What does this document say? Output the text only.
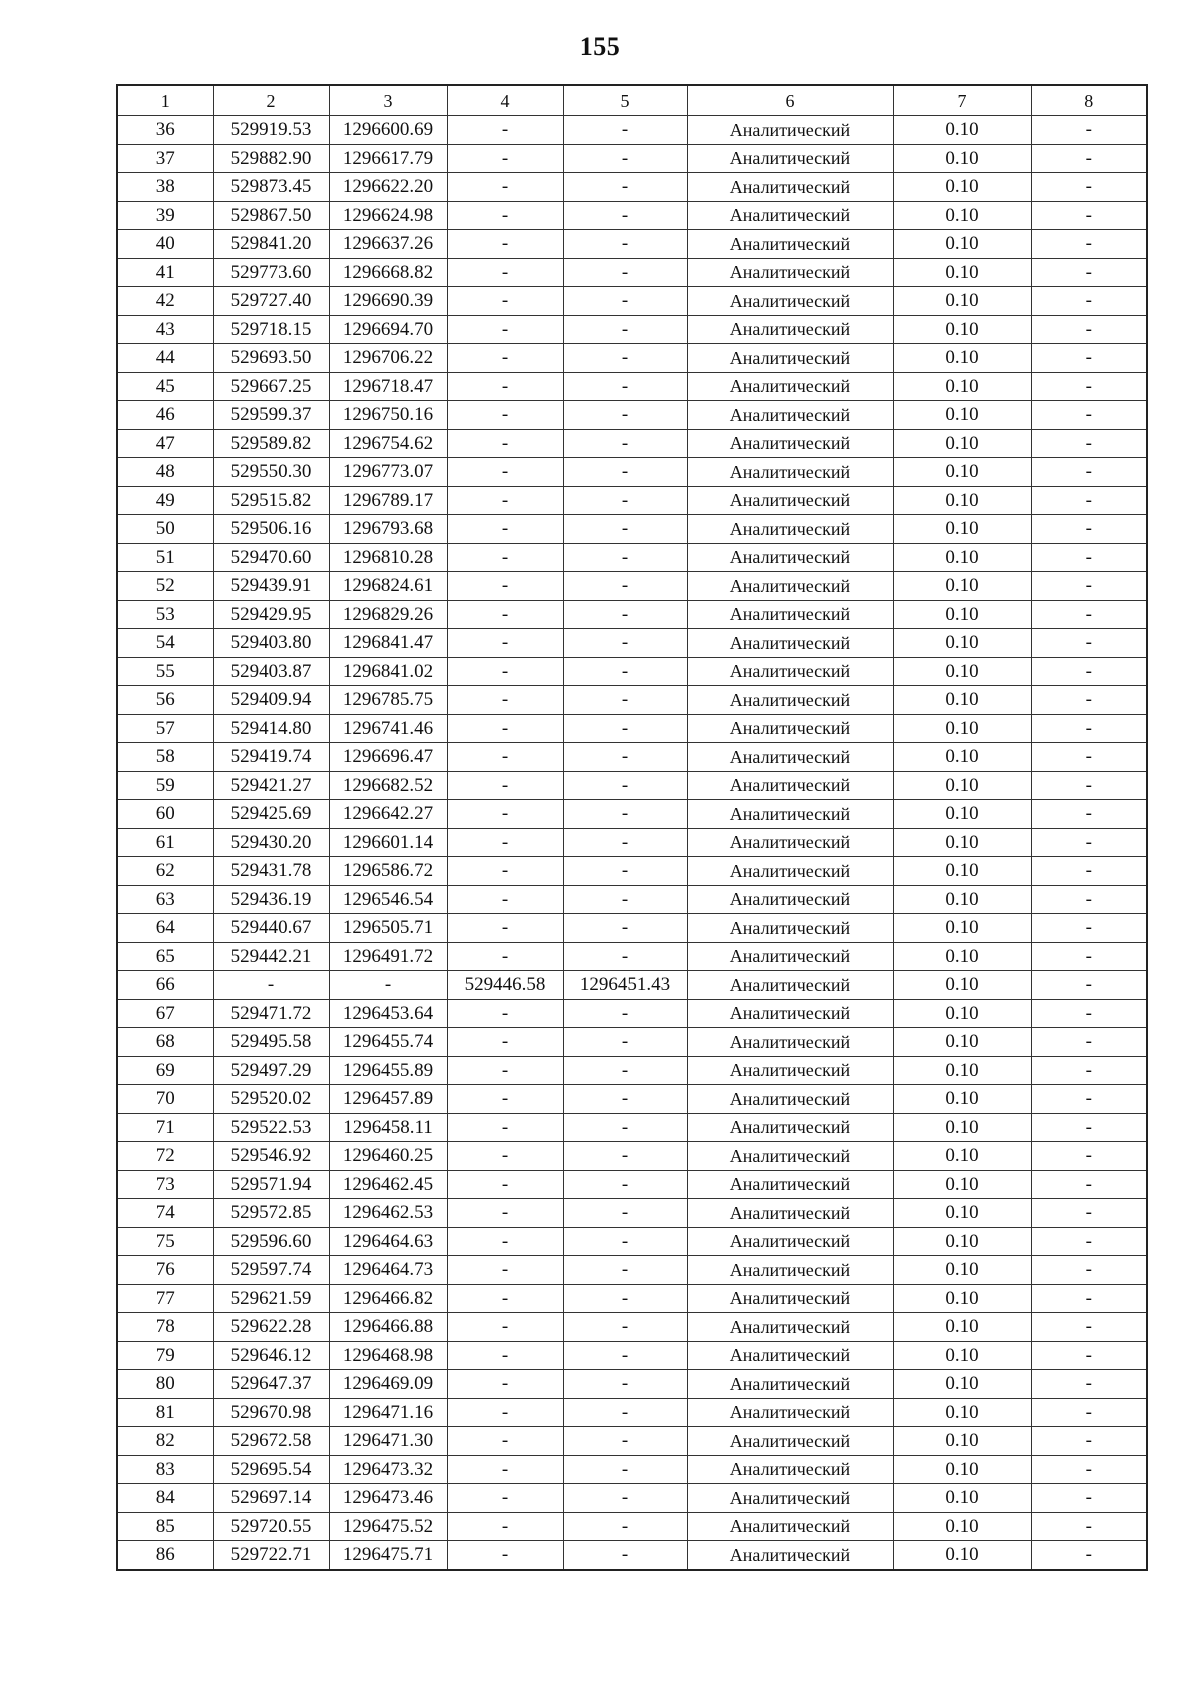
155
1	2	3	4	5	6	7	8
36	529919.53	1296600.69	-	-	Аналитический	0.10	-
37	529882.90	1296617.79	-	-	Аналитический	0.10	-
38	529873.45	1296622.20	-	-	Аналитический	0.10	-
39	529867.50	1296624.98	-	-	Аналитический	0.10	-
40	529841.20	1296637.26	-	-	Аналитический	0.10	-
41	529773.60	1296668.82	-	-	Аналитический	0.10	-
42	529727.40	1296690.39	-	-	Аналитический	0.10	-
43	529718.15	1296694.70	-	-	Аналитический	0.10	-
44	529693.50	1296706.22	-	-	Аналитический	0.10	-
45	529667.25	1296718.47	-	-	Аналитический	0.10	-
46	529599.37	1296750.16	-	-	Аналитический	0.10	-
47	529589.82	1296754.62	-	-	Аналитический	0.10	-
48	529550.30	1296773.07	-	-	Аналитический	0.10	-
49	529515.82	1296789.17	-	-	Аналитический	0.10	-
50	529506.16	1296793.68	-	-	Аналитический	0.10	-
51	529470.60	1296810.28	-	-	Аналитический	0.10	-
52	529439.91	1296824.61	-	-	Аналитический	0.10	-
53	529429.95	1296829.26	-	-	Аналитический	0.10	-
54	529403.80	1296841.47	-	-	Аналитический	0.10	-
55	529403.87	1296841.02	-	-	Аналитический	0.10	-
56	529409.94	1296785.75	-	-	Аналитический	0.10	-
57	529414.80	1296741.46	-	-	Аналитический	0.10	-
58	529419.74	1296696.47	-	-	Аналитический	0.10	-
59	529421.27	1296682.52	-	-	Аналитический	0.10	-
60	529425.69	1296642.27	-	-	Аналитический	0.10	-
61	529430.20	1296601.14	-	-	Аналитический	0.10	-
62	529431.78	1296586.72	-	-	Аналитический	0.10	-
63	529436.19	1296546.54	-	-	Аналитический	0.10	-
64	529440.67	1296505.71	-	-	Аналитический	0.10	-
65	529442.21	1296491.72	-	-	Аналитический	0.10	-
66	-	-	529446.58	1296451.43	Аналитический	0.10	-
67	529471.72	1296453.64	-	-	Аналитический	0.10	-
68	529495.58	1296455.74	-	-	Аналитический	0.10	-
69	529497.29	1296455.89	-	-	Аналитический	0.10	-
70	529520.02	1296457.89	-	-	Аналитический	0.10	-
71	529522.53	1296458.11	-	-	Аналитический	0.10	-
72	529546.92	1296460.25	-	-	Аналитический	0.10	-
73	529571.94	1296462.45	-	-	Аналитический	0.10	-
74	529572.85	1296462.53	-	-	Аналитический	0.10	-
75	529596.60	1296464.63	-	-	Аналитический	0.10	-
76	529597.74	1296464.73	-	-	Аналитический	0.10	-
77	529621.59	1296466.82	-	-	Аналитический	0.10	-
78	529622.28	1296466.88	-	-	Аналитический	0.10	-
79	529646.12	1296468.98	-	-	Аналитический	0.10	-
80	529647.37	1296469.09	-	-	Аналитический	0.10	-
81	529670.98	1296471.16	-	-	Аналитический	0.10	-
82	529672.58	1296471.30	-	-	Аналитический	0.10	-
83	529695.54	1296473.32	-	-	Аналитический	0.10	-
84	529697.14	1296473.46	-	-	Аналитический	0.10	-
85	529720.55	1296475.52	-	-	Аналитический	0.10	-
86	529722.71	1296475.71	-	-	Аналитический	0.10	-
